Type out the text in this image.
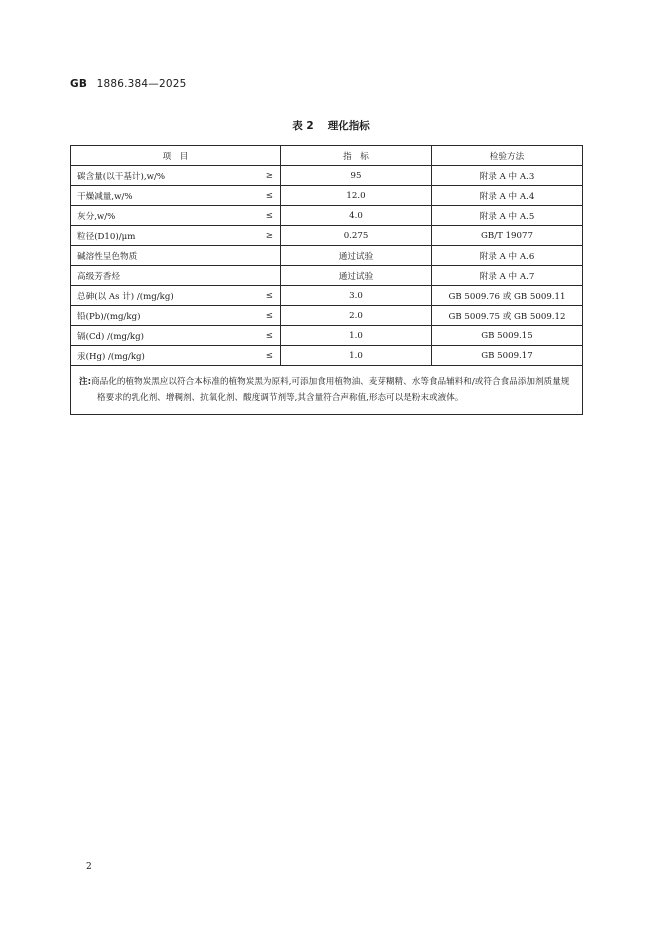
GB 1886.384—2025
表 2 理化指标
项　目	指　标	检验方法
碳含量(以干基计),w/% ≥	95	附录 A 中 A.3
干燥减量,w/% ≤	12.0	附录 A 中 A.4
灰分,w/% ≤	4.0	附录 A 中 A.5
粒径(D10)/μm ≥	0.275	GB/T 19077
碱溶性呈色物质	通过试验	附录 A 中 A.6
高级芳香烃	通过试验	附录 A 中 A.7
总砷(以 As 计) /(mg/kg) ≤	3.0	GB 5009.76 或 GB 5009.11
铅(Pb)/(mg/kg) ≤	2.0	GB 5009.75 或 GB 5009.12
镉(Cd) /(mg/kg) ≤	1.0	GB 5009.15
汞(Hg) /(mg/kg) ≤	1.0	GB 5009.17
注:商品化的植物炭黑应以符合本标准的植物炭黑为原料,可添加食用植物油、麦芽糊精、水等食品辅料和/或符合食品添加剂质量规格要求的乳化剂、增稠剂、抗氧化剂、酸度调节剂等,其含量符合声称值,形态可以是粉末或液体。		
2
